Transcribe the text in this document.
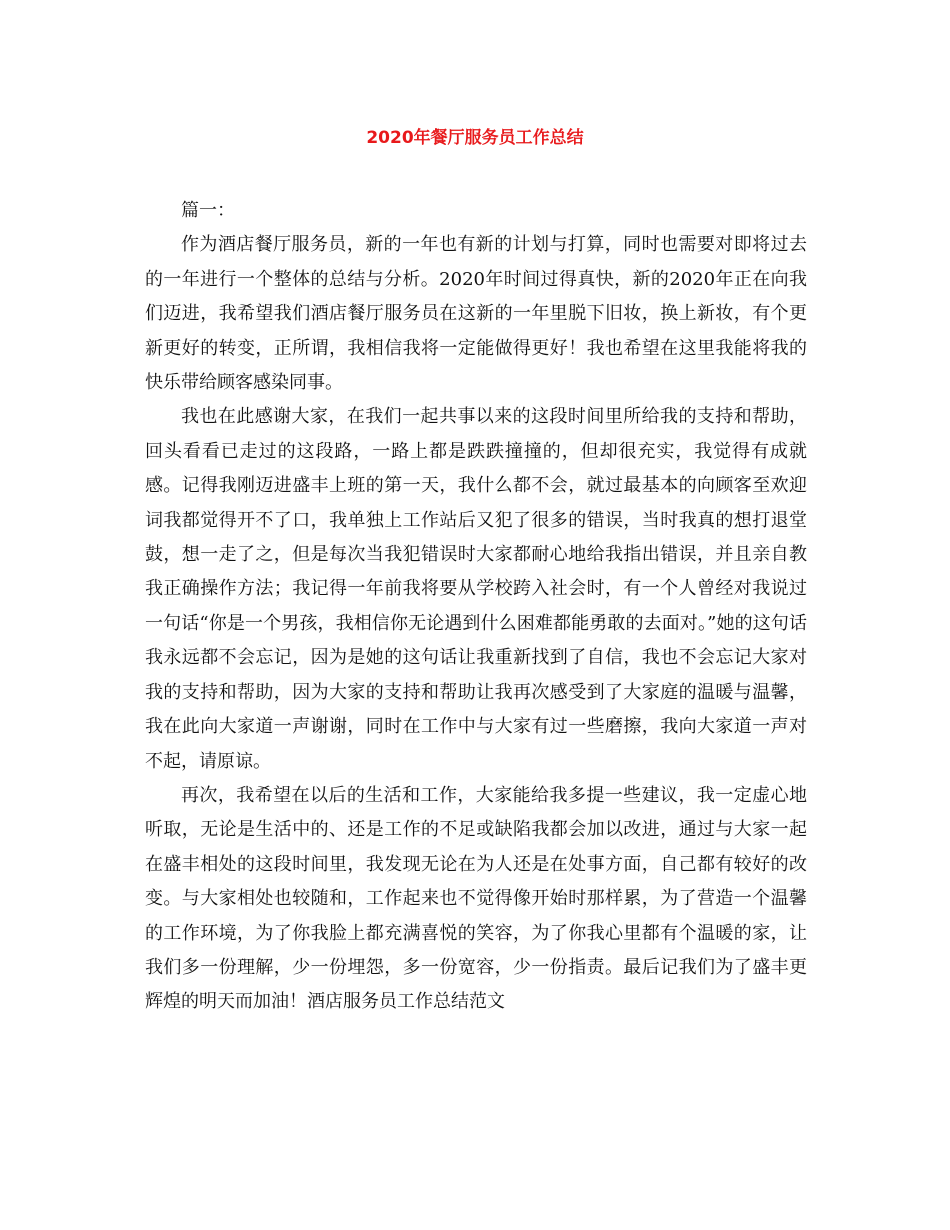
2020年餐厅服务员工作总结

篇一：

作为酒店餐厅服务员，新的一年也有新的计划与打算，同时也需要对即将过去的一年进行一个整体的总结与分析。2020年时间过得真快，新的2020年正在向我们迈进，我希望我们酒店餐厅服务员在这新的一年里脱下旧妆，换上新妆，有个更新更好的转变，正所谓，我相信我将一定能做得更好！我也希望在这里我能将我的快乐带给顾客感染同事。

我也在此感谢大家，在我们一起共事以来的这段时间里所给我的支持和帮助，回头看看已走过的这段路，一路上都是跌跌撞撞的，但却很充实，我觉得有成就感。记得我刚迈进盛丰上班的第一天，我什么都不会，就过最基本的向顾客至欢迎词我都觉得开不了口，我单独上工作站后又犯了很多的错误，当时我真的想打退堂鼓，想一走了之，但是每次当我犯错误时大家都耐心地给我指出错误，并且亲自教我正确操作方法；我记得一年前我将要从学校跨入社会时，有一个人曾经对我说过一句话“你是一个男孩，我相信你无论遇到什么困难都能勇敢的去面对。”她的这句话我永远都不会忘记，因为是她的这句话让我重新找到了自信，我也不会忘记大家对我的支持和帮助，因为大家的支持和帮助让我再次感受到了大家庭的温暖与温馨，我在此向大家道一声谢谢，同时在工作中与大家有过一些磨擦，我向大家道一声对不起，请原谅。

再次，我希望在以后的生活和工作，大家能给我多提一些建议，我一定虚心地听取，无论是生活中的、还是工作的不足或缺陷我都会加以改进，通过与大家一起在盛丰相处的这段时间里，我发现无论在为人还是在处事方面，自己都有较好的改变。与大家相处也较随和，工作起来也不觉得像开始时那样累，为了营造一个温馨的工作环境，为了你我脸上都充满喜悦的笑容，为了你我心里都有个温暖的家，让我们多一份理解，少一份埋怨，多一份宽容，少一份指责。最后记我们为了盛丰更辉煌的明天而加油！酒店服务员工作总结范文
